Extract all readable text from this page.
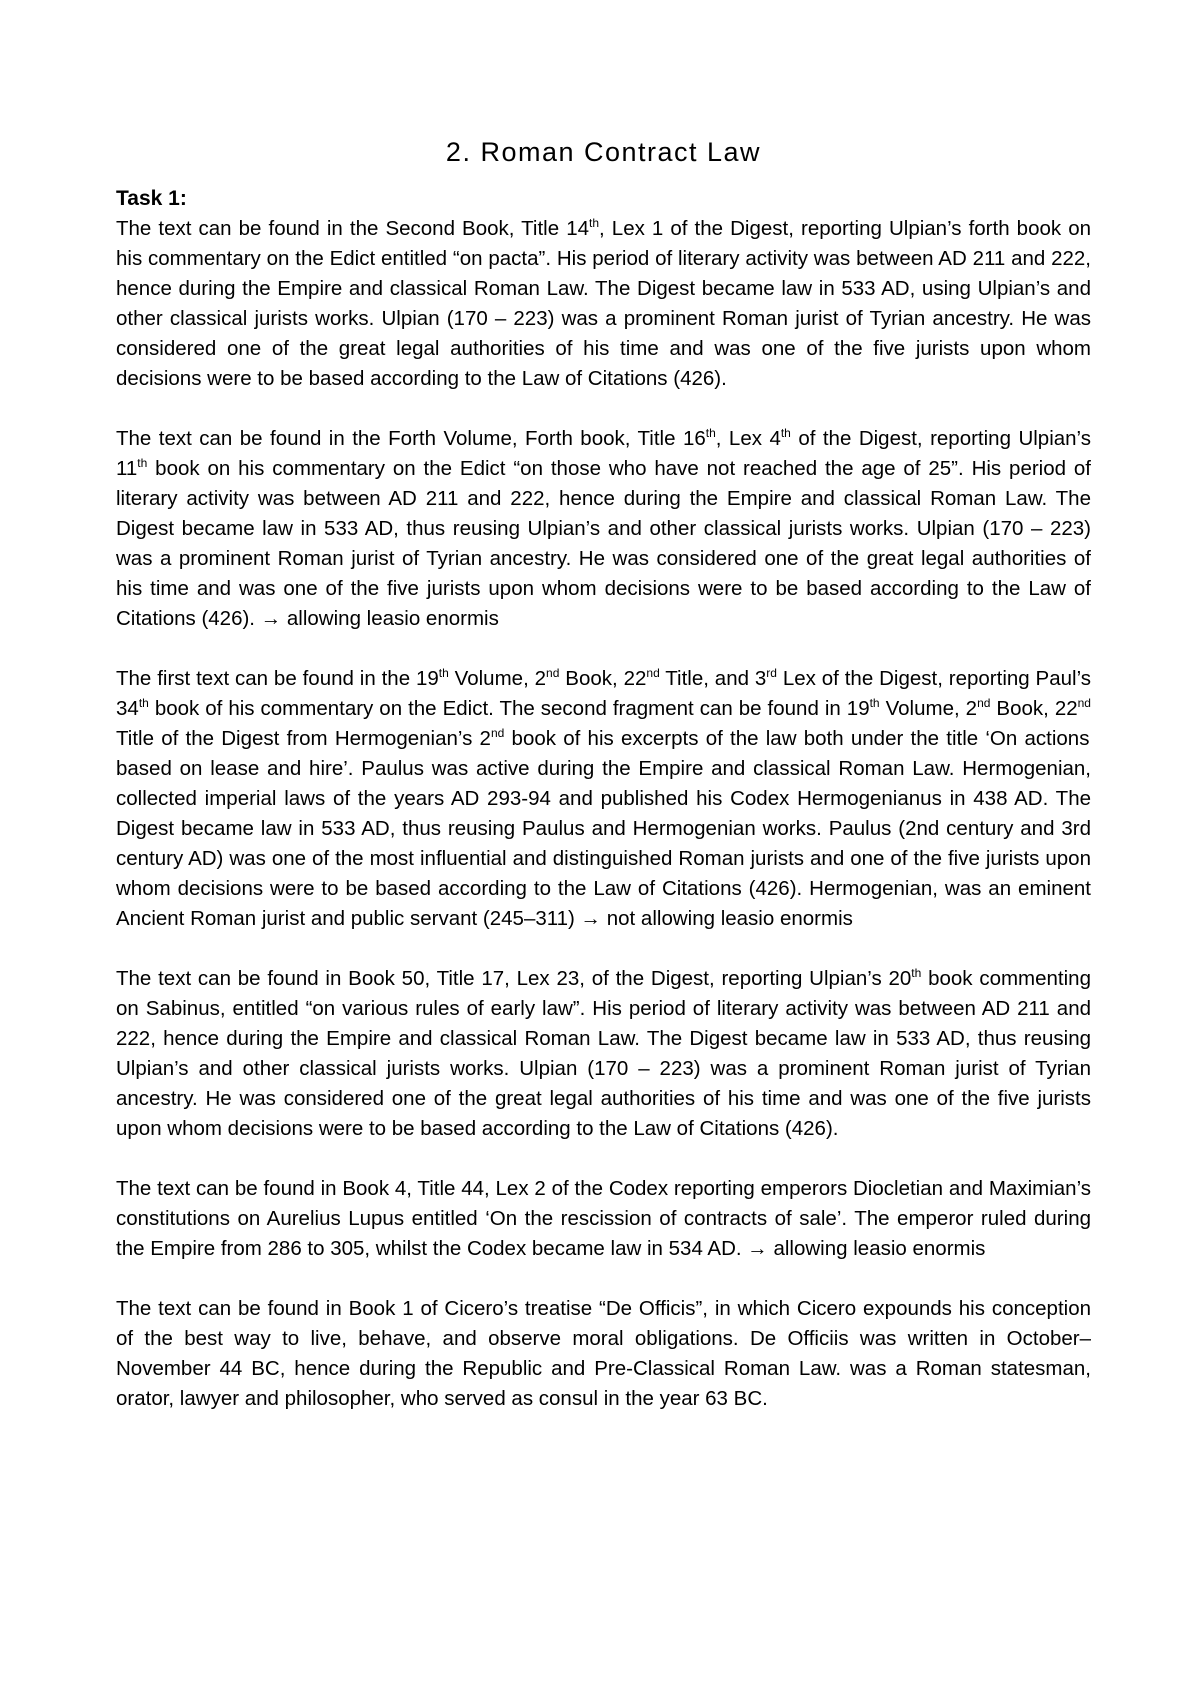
2. Roman Contract Law

Task 1:

The text can be found in the Second Book, Title 14th, Lex 1 of the Digest, reporting Ulpian’s forth book on his commentary on the Edict entitled “on pacta”. His period of literary activity was between AD 211 and 222, hence during the Empire and classical Roman Law. The Digest became law in 533 AD, using Ulpian’s and other classical jurists works. Ulpian (170 – 223) was a prominent Roman jurist of Tyrian ancestry. He was considered one of the great legal authorities of his time and was one of the five jurists upon whom decisions were to be based according to the Law of Citations (426).

The text can be found in the Forth Volume, Forth book, Title 16th, Lex 4th of the Digest, reporting Ulpian’s 11th book on his commentary on the Edict “on those who have not reached the age of 25”. His period of literary activity was between AD 211 and 222, hence during the Empire and classical Roman Law. The Digest became law in 533 AD, thus reusing Ulpian’s and other classical jurists works. Ulpian (170 – 223) was a prominent Roman jurist of Tyrian ancestry. He was considered one of the great legal authorities of his time and was one of the five jurists upon whom decisions were to be based according to the Law of Citations (426). → allowing leasio enormis

The first text can be found in the 19th Volume, 2nd Book, 22nd Title, and 3rd Lex of the Digest, reporting Paul’s 34th book of his commentary on the Edict. The second fragment can be found in 19th Volume, 2nd Book, 22nd Title of the Digest from Hermogenian’s 2nd book of his excerpts of the law both under the title ‘On actions based on lease and hire’. Paulus was active during the Empire and classical Roman Law. Hermogenian, collected imperial laws of the years AD 293-94 and published his Codex Hermogenianus in 438 AD. The Digest became law in 533 AD, thus reusing Paulus and Hermogenian works. Paulus (2nd century and 3rd century AD) was one of the most influential and distinguished Roman jurists and one of the five jurists upon whom decisions were to be based according to the Law of Citations (426). Hermogenian, was an eminent Ancient Roman jurist and public servant (245–311) → not allowing leasio enormis

The text can be found in Book 50, Title 17, Lex 23, of the Digest, reporting Ulpian’s 20th book commenting on Sabinus, entitled “on various rules of early law”. His period of literary activity was between AD 211 and 222, hence during the Empire and classical Roman Law. The Digest became law in 533 AD, thus reusing Ulpian’s and other classical jurists works. Ulpian (170 – 223) was a prominent Roman jurist of Tyrian ancestry. He was considered one of the great legal authorities of his time and was one of the five jurists upon whom decisions were to be based according to the Law of Citations (426).

The text can be found in Book 4, Title 44, Lex 2 of the Codex reporting emperors Diocletian and Maximian’s constitutions on Aurelius Lupus entitled ‘On the rescission of contracts of sale’. The emperor ruled during the Empire from 286 to 305, whilst the Codex became law in 534 AD. → allowing leasio enormis

The text can be found in Book 1 of Cicero’s treatise “De Officis”, in which Cicero expounds his conception of the best way to live, behave, and observe moral obligations. De Officiis was written in October–November 44 BC, hence during the Republic and Pre-Classical Roman Law. was a Roman statesman, orator, lawyer and philosopher, who served as consul in the year 63 BC.
